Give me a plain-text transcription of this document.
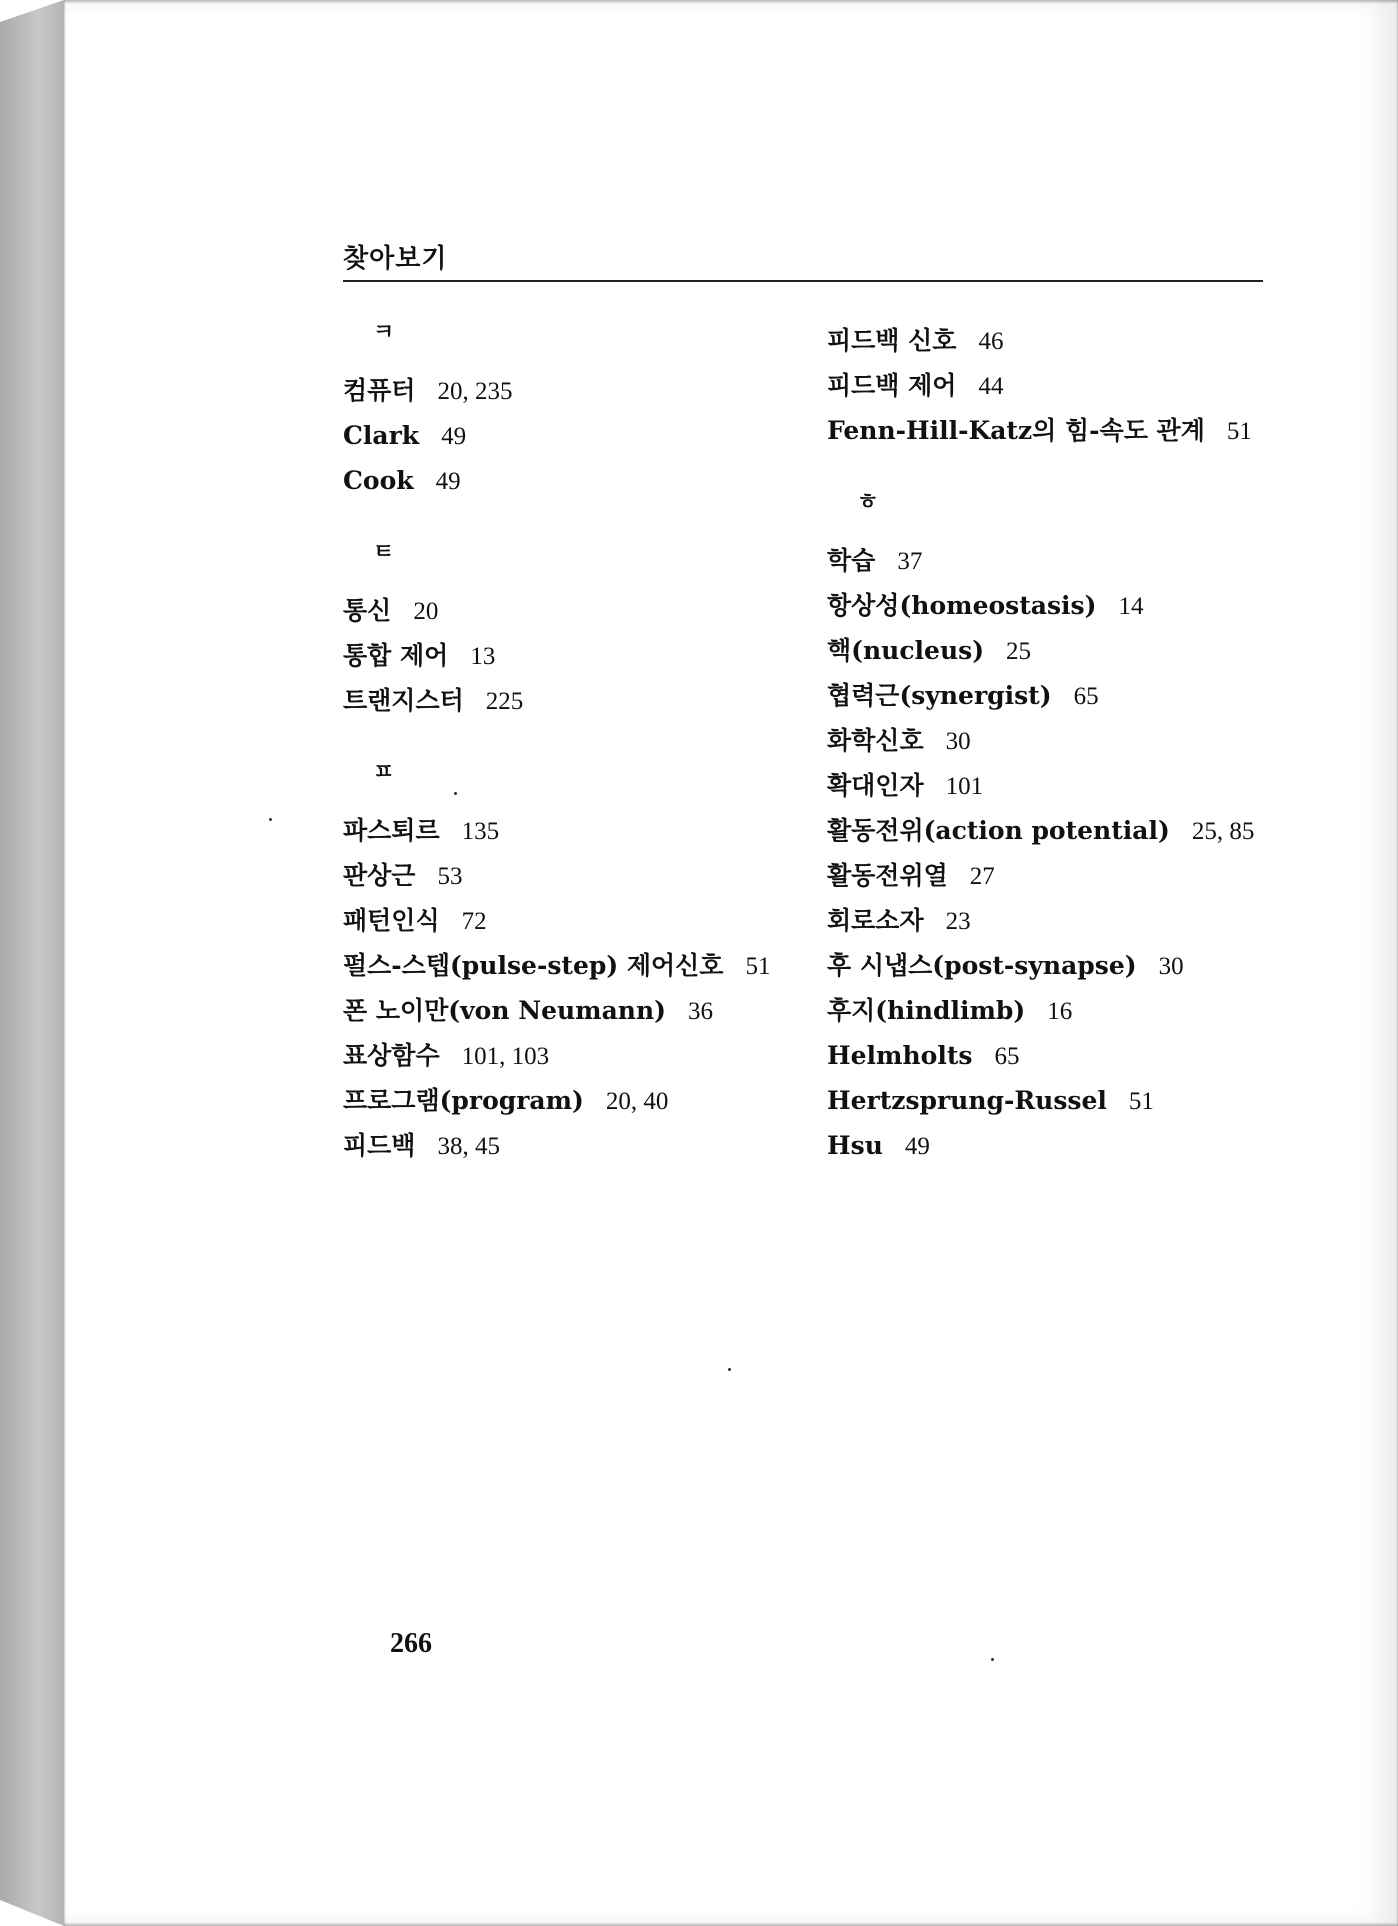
찾아보기
ㅋ
컴퓨터 20, 235
Clark 49
Cook 49
ㅌ
통신 20
통합 제어 13
트랜지스터 225
ㅍ
파스퇴르 135
판상근 53
패턴인식 72
펄스-스텝(pulse-step) 제어신호 51
폰 노이만(von Neumann) 36
표상함수 101, 103
프로그램(program) 20, 40
피드백 38, 45
피드백 신호 46
피드백 제어 44
Fenn-Hill-Katz의 힘-속도 관계 51
ㅎ
학습 37
항상성(homeostasis) 14
핵(nucleus) 25
협력근(synergist) 65
화학신호 30
확대인자 101
활동전위(action potential) 25, 85
활동전위열 27
회로소자 23
후 시냅스(post-synapse) 30
후지(hindlimb) 16
Helmholts 65
Hertzsprung-Russel 51
Hsu 49
266
